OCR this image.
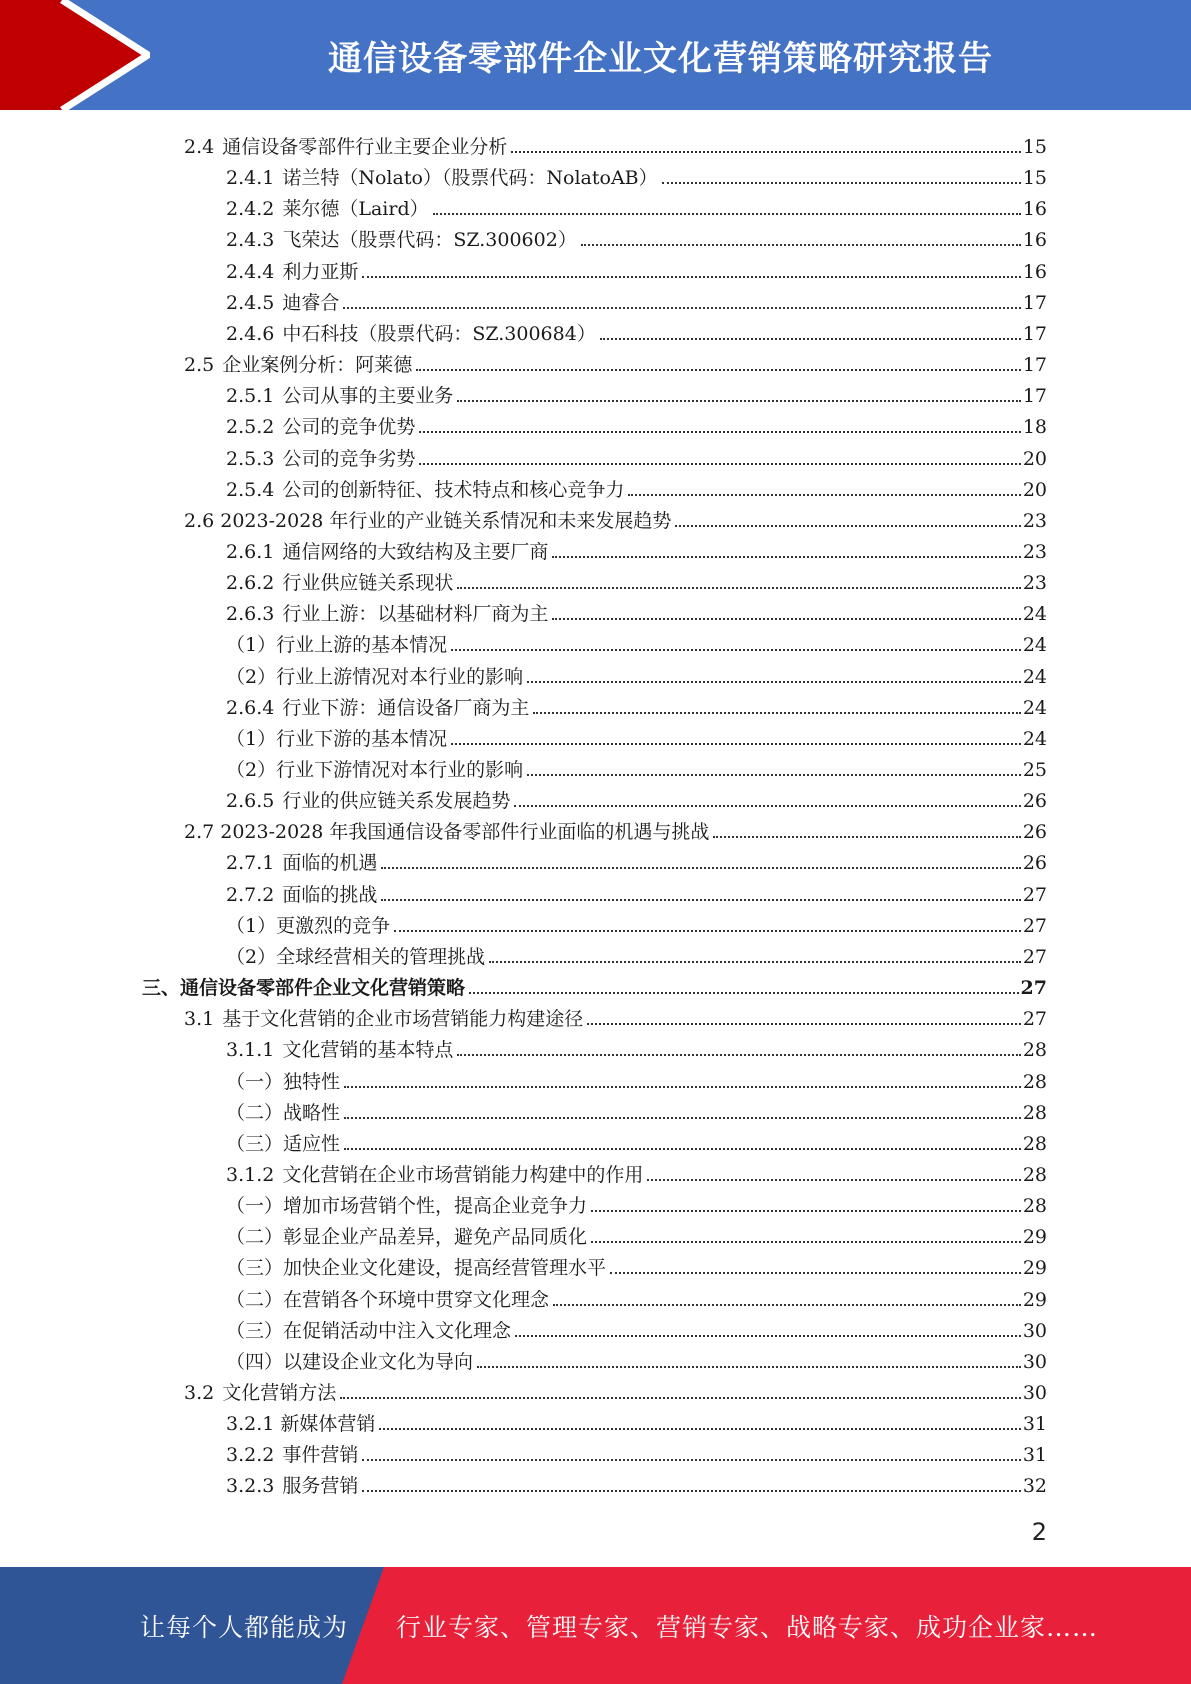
通信设备零部件企业文化营销策略研究报告
2.4 通信设备零部件行业主要企业分析	15
2.4.1 诺兰特（Nolato）（股票代码：NolatoAB）	15
2.4.2 莱尔德（Laird）	16
2.4.3 飞荣达（股票代码：SZ.300602）	16
2.4.4 利力亚斯	16
2.4.5 迪睿合	17
2.4.6 中石科技（股票代码：SZ.300684）	17
2.5 企业案例分析：阿莱德	17
2.5.1 公司从事的主要业务	17
2.5.2 公司的竞争优势	18
2.5.3 公司的竞争劣势	20
2.5.4 公司的创新特征、技术特点和核心竞争力	20
2.6 2023-2028 年行业的产业链关系情况和未来发展趋势	23
2.6.1 通信网络的大致结构及主要厂商	23
2.6.2 行业供应链关系现状	23
2.6.3 行业上游：以基础材料厂商为主	24
（1）行业上游的基本情况	24
（2）行业上游情况对本行业的影响	24
2.6.4 行业下游：通信设备厂商为主	24
（1）行业下游的基本情况	24
（2）行业下游情况对本行业的影响	25
2.6.5 行业的供应链关系发展趋势	26
2.7 2023-2028 年我国通信设备零部件行业面临的机遇与挑战	26
2.7.1 面临的机遇	26
2.7.2 面临的挑战	27
（1）更激烈的竞争	27
（2）全球经营相关的管理挑战	27
三、通信设备零部件企业文化营销策略	27
3.1 基于文化营销的企业市场营销能力构建途径	27
3.1.1 文化营销的基本特点	28
（一）独特性	28
（二）战略性	28
（三）适应性	28
3.1.2 文化营销在企业市场营销能力构建中的作用	28
（一）增加市场营销个性，提高企业竞争力	28
（二）彰显企业产品差异，避免产品同质化	29
（三）加快企业文化建设，提高经营管理水平	29
（二）在营销各个环境中贯穿文化理念	29
（三）在促销活动中注入文化理念	30
（四）以建设企业文化为导向	30
3.2 文化营销方法	30
3.2.1 新媒体营销	31
3.2.2 事件营销	31
3.2.3 服务营销	32
2
让每个人都能成为 行业专家、管理专家、营销专家、战略专家、成功企业家……
